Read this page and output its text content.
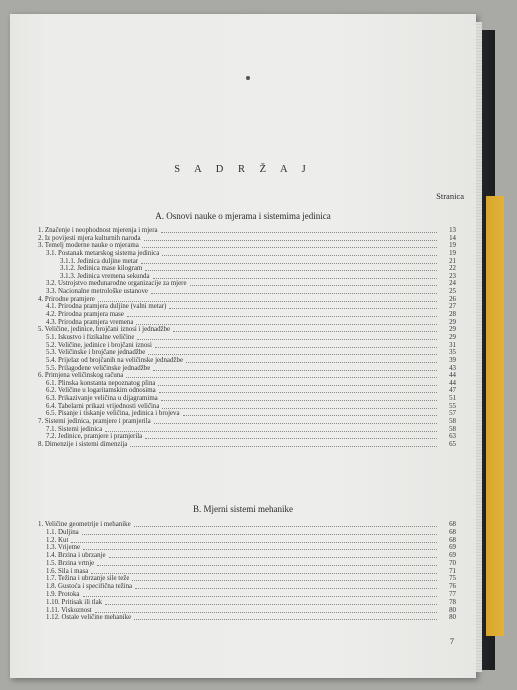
S A D R Ž A J
Stranica
7
A. Osnovi nauke o mjerama i sistemima jedinica
1. Značenje i neophodnost mjerenja i mjera	13
2. Iz povijesti mjera kulturnih naroda	14
3. Temelj moderne nauke o mjerama	19
3.1. Postanak metarskog sistema jedinica	19
3.1.1. Jedinica duljine metar	21
3.1.2. Jedinica mase kilogram	22
3.1.3. Jedinica vremena sekunda	23
3.2. Ustrojstvo međunarodne organizacije za mjere	24
3.3. Nacionalne metrološke ustanove	25
4. Prirodne pramjere	26
4.1. Prirodna pramjera duljine (valni metar)	27
4.2. Prirodna pramjera mase	28
4.3. Prirodna pramjera vremena	29
5. Veličine, jedinice, brojčani iznosi i jednadžbe	29
5.1. Iskustvo i fizikalne veličine	29
5.2. Veličine, jedinice i brojčani iznosi	31
5.3. Veličinske i brojčane jednadžbe	35
5.4. Prijelaz od brojčanih na veličinske jednadžbe	39
5.5. Prilagođene veličinske jednadžbe	43
6. Primjena veličinskog računa	44
6.1. Plinska konstanta nepoznatog plina	44
6.2. Veličine u logaritamskim odnosima	47
6.3. Prikazivanje veličina u dijagramima	51
6.4. Tabelarni prikazi vrijednosti veličina	55
6.5. Pisanje i tiskanje veličina, jedinica i brojeva	57
7. Sistemi jedinica, pramjere i pramjerila	58
7.1. Sistemi jedinica	58
7.2. Jedinice, pramjere i pramjerila	63
8. Dimenzije i sistemi dimenzija	65
B. Mjerni sistemi mehanike
1. Veličine geometrije i mehanike	68
1.1. Duljina	68
1.2. Kut	68
1.3. Vrijeme	69
1.4. Brzina i ubrzanje	69
1.5. Brzina vrtnje	70
1.6. Sila i masa	71
1.7. Težina i ubrzanje sile teže	75
1.8. Gustoća i specifična težina	76
1.9. Protoka	77
1.10. Pritisak ili tlak	78
1.11. Viskoznost	80
1.12. Ostale veličine mehanike	80
